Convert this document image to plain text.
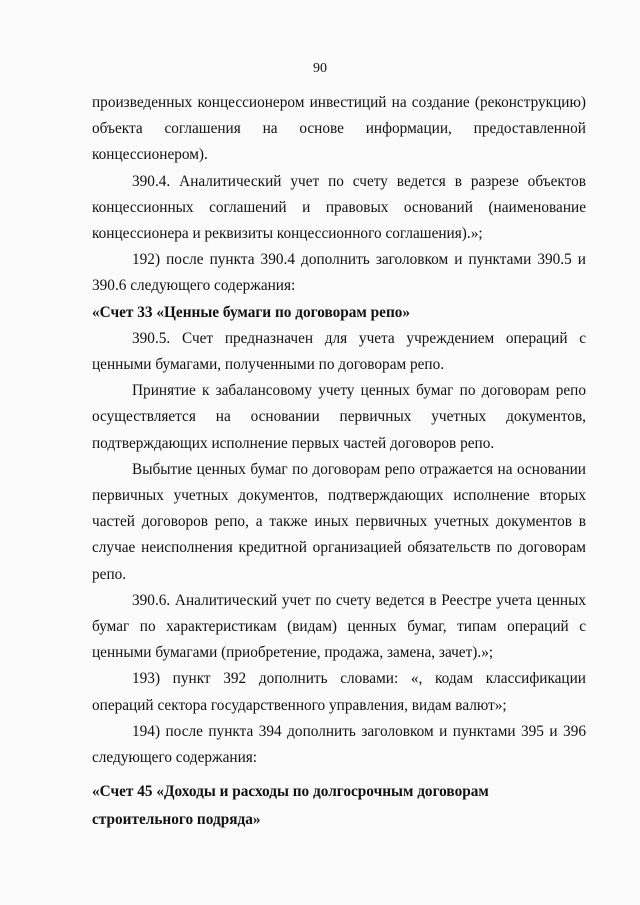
90

произведенных концессионером инвестиций на создание (реконструкцию) объекта соглашения на основе информации, предоставленной концессионером).

390.4. Аналитический учет по счету ведется в разрезе объектов концессионных соглашений и правовых оснований (наименование концессионера и реквизиты концессионного соглашения).»;

192) после пункта 390.4 дополнить заголовком и пунктами 390.5 и 390.6 следующего содержания:

«Счет 33 «Ценные бумаги по договорам репо»

390.5. Счет предназначен для учета учреждением операций с ценными бумагами, полученными по договорам репо.

Принятие к забалансовому учету ценных бумаг по договорам репо осуществляется на основании первичных учетных документов, подтверждающих исполнение первых частей договоров репо.

Выбытие ценных бумаг по договорам репо отражается на основании первичных учетных документов, подтверждающих исполнение вторых частей договоров репо, а также иных первичных учетных документов в случае неисполнения кредитной организацией обязательств по договорам репо.

390.6. Аналитический учет по счету ведется в Реестре учета ценных бумаг по характеристикам (видам) ценных бумаг, типам операций с ценными бумагами (приобретение, продажа, замена, зачет).»;

193) пункт 392 дополнить словами: «, кодам классификации операций сектора государственного управления, видам валют»;

194) после пункта 394 дополнить заголовком и пунктами 395 и 396 следующего содержания:

«Счет 45 «Доходы и расходы по долгосрочным договорам

строительного подряда»
